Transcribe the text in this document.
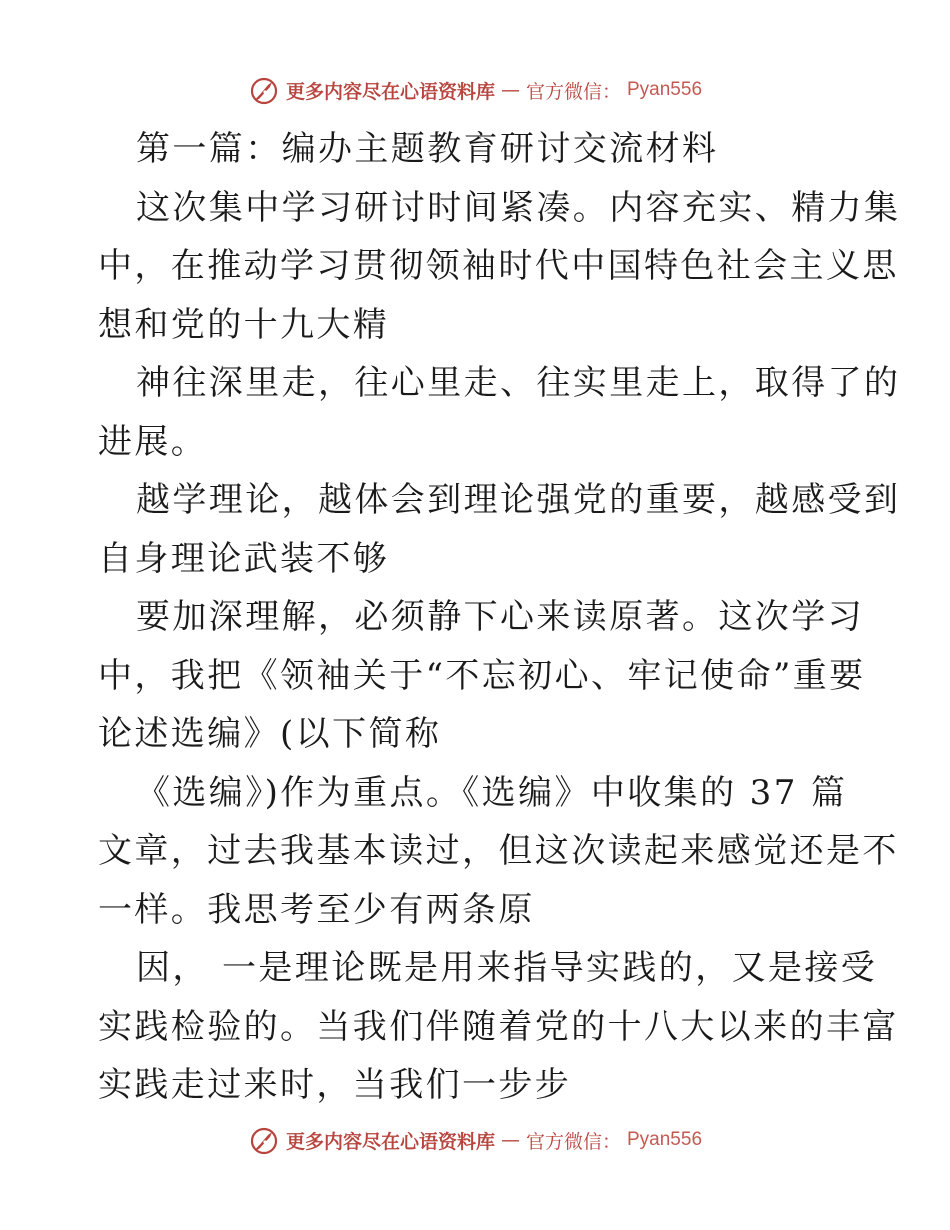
更多内容尽在心语资料库 — 官方微信： Pyan556
第一篇：编办主题教育研讨交流材料
这次集中学习研讨时间紧凑。内容充实、精力集
中，在推动学习贯彻领袖时代中国特色社会主义思
想和党的十九大精
神往深里走，往心里走、往实里走上，取得了的
进展。
越学理论，越体会到理论强党的重要，越感受到
自身理论武装不够
要加深理解，必须静下心来读原著。这次学习
中，我把《领袖关于“不忘初心、牢记使命”重要
论述选编》(以下简称
《选编》)作为重点。《选编》中收集的 37 篇
文章，过去我基本读过，但这次读起来感觉还是不
一样。我思考至少有两条原
因， 一是理论既是用来指导实践的，又是接受
实践检验的。当我们伴随着党的十八大以来的丰富
实践走过来时，当我们一步步
更多内容尽在心语资料库 — 官方微信： Pyan556
